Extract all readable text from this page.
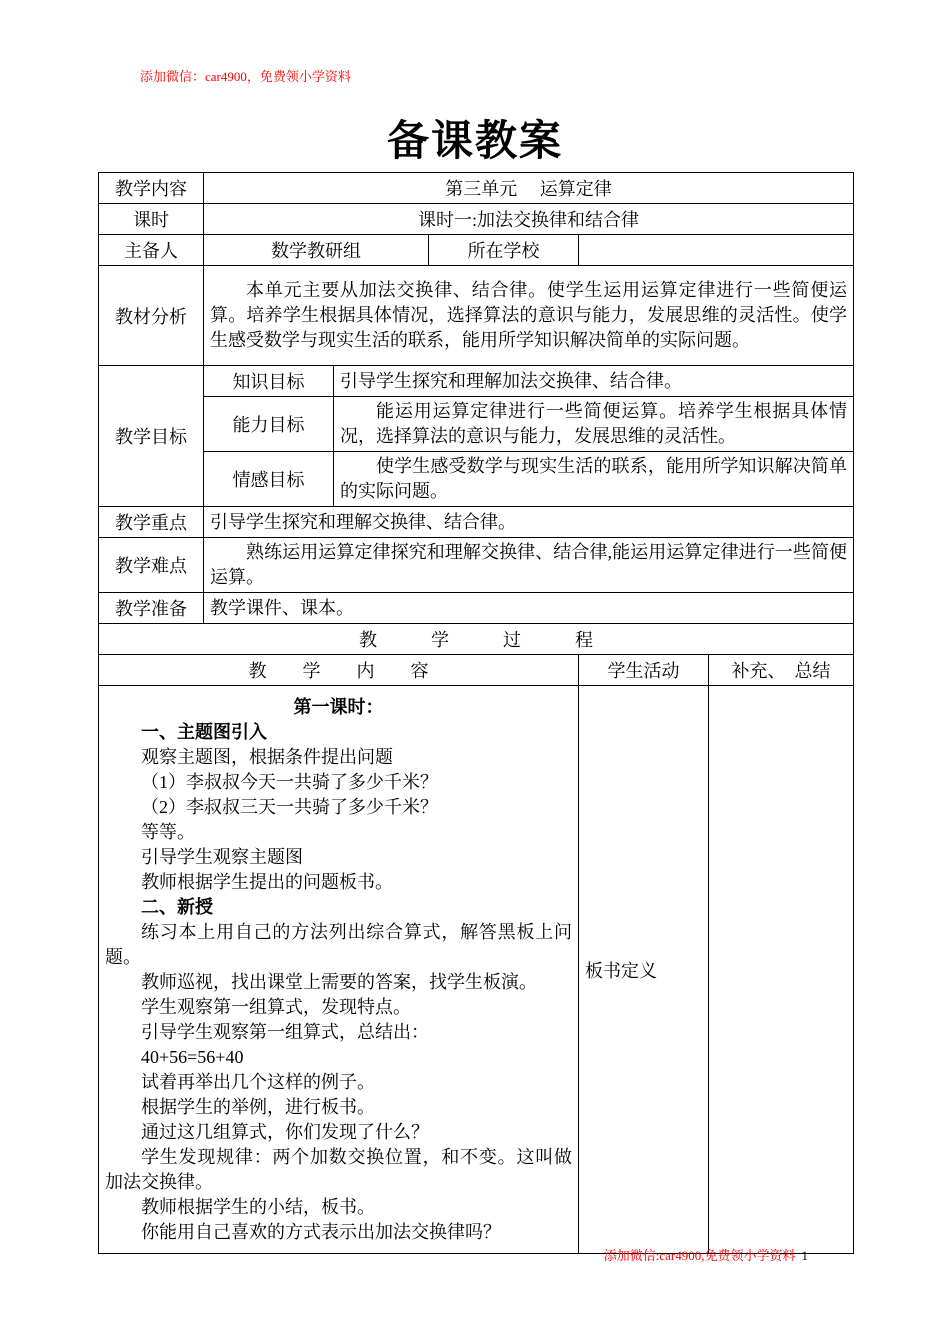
添加微信：car4900，免费领小学资料
备课教案
教学内容	第三单元　 运算定律				
课时	课时一:加法交换律和结合律				
主备人	数学教研组		所在学校		
教材分析	本单元主要从加法交换律、结合律。使学生运用运算定律进行一些简便运算。培养学生根据具体情况，选择算法的意识与能力，发展思维的灵活性。使学生感受数学与现实生活的联系，能用所学知识解决简单的实际问题。				
教学目标	知识目标	引导学生探究和理解加法交换律、结合律。			
	能力目标	能运用运算定律进行一些简便运算。培养学生根据具体情况，选择算法的意识与能力，发展思维的灵活性。			
	情感目标	使学生感受数学与现实生活的联系，能用所学知识解决简单的实际问题。			
教学重点	引导学生探究和理解交换律、结合律。				
教学难点	熟练运用运算定律探究和理解交换律、结合律,能运用运算定律进行一些简便运算。				
教学准备	教学课件、课本。				
教　　　学　　　过　　　程					
教　　学　　内　　容				学生活动	补充、　总结

第一课时：

一、主题图引入

观察主题图，根据条件提出问题

（1）李叔叔今天一共骑了多少千米？

（2）李叔叔三天一共骑了多少千米？

等等。

引导学生观察主题图

教师根据学生提出的问题板书。

二、新授

练习本上用自己的方法列出综合算式，解答黑板上问题。

教师巡视，找出课堂上需要的答案，找学生板演。

学生观察第一组算式，发现特点。

引导学生观察第一组算式，总结出：

40+56=56+40

试着再举出几个这样的例子。

根据学生的举例，进行板书。

通过这几组算式，你们发现了什么？

学生发现规律：两个加数交换位置，和不变。这叫做加法交换律。

教师根据学生的小结，板书。

你能用自己喜欢的方式表示出加法交换律吗？

板书定义

添加微信:car4900,免费领小学资料 1
